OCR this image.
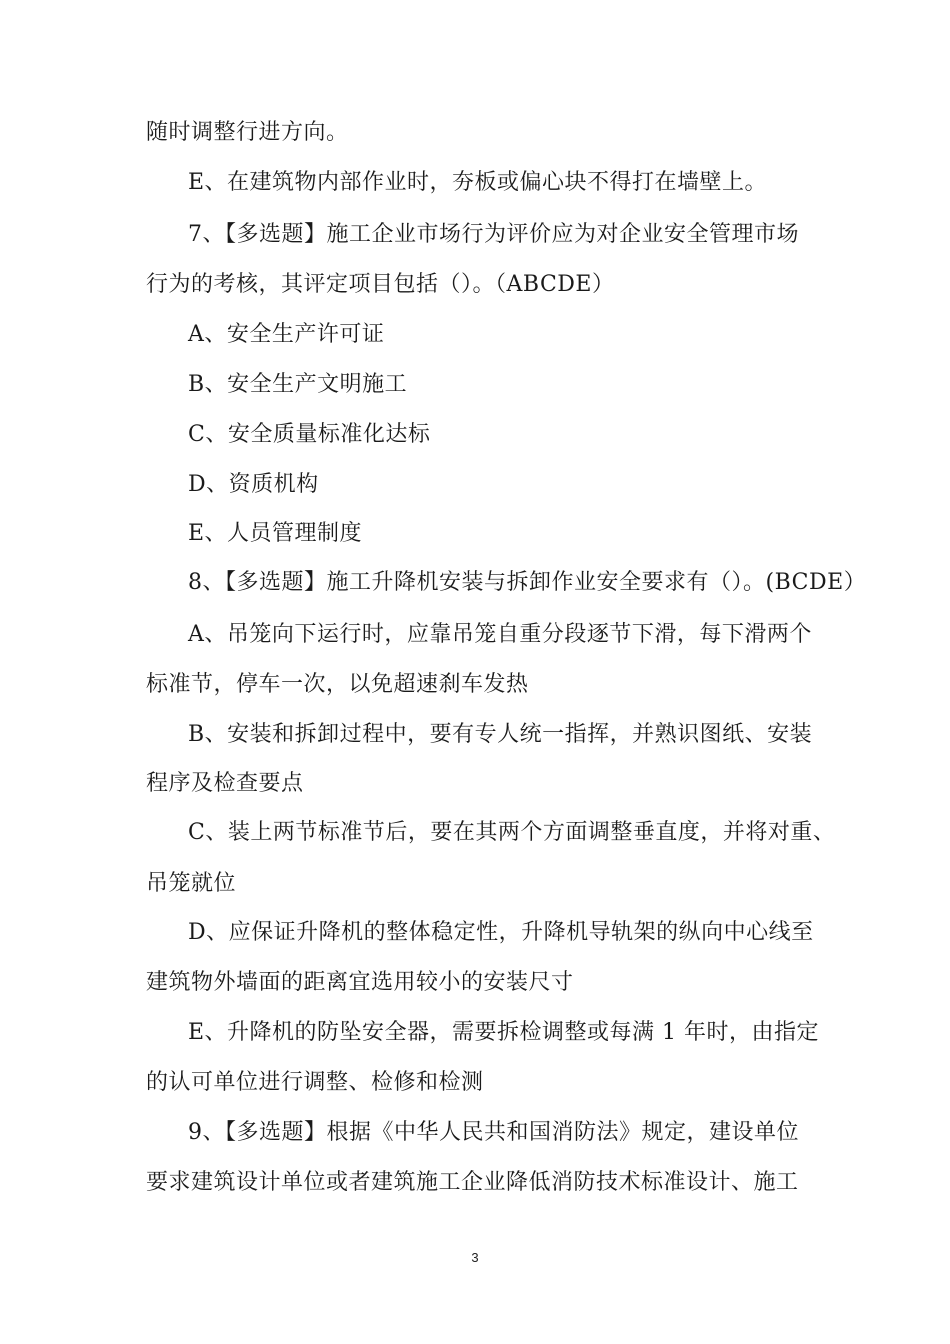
随时调整行进方向。
E、在建筑物内部作业时，夯板或偏心块不得打在墙壁上。
7、【多选题】施工企业市场行为评价应为对企业安全管理市场
行为的考核，其评定项目包括（）。（ABCDE）
A、安全生产许可证
B、安全生产文明施工
C、安全质量标准化达标
D、资质机构
E、人员管理制度
8、【多选题】施工升降机安装与拆卸作业安全要求有（）。(BCDE）
A、吊笼向下运行时，应靠吊笼自重分段逐节下滑，每下滑两个
标准节，停车一次，以免超速刹车发热
B、安装和拆卸过程中，要有专人统一指挥，并熟识图纸、安装
程序及检查要点
C、装上两节标准节后，要在其两个方面调整垂直度，并将对重、
吊笼就位
D、应保证升降机的整体稳定性，升降机导轨架的纵向中心线至
建筑物外墙面的距离宜选用较小的安装尺寸
E、升降机的防坠安全器，需要拆检调整或每满 1 年时，由指定
的认可单位进行调整、检修和检测
9、【多选题】根据《中华人民共和国消防法》规定，建设单位
要求建筑设计单位或者建筑施工企业降低消防技术标准设计、施工
3
